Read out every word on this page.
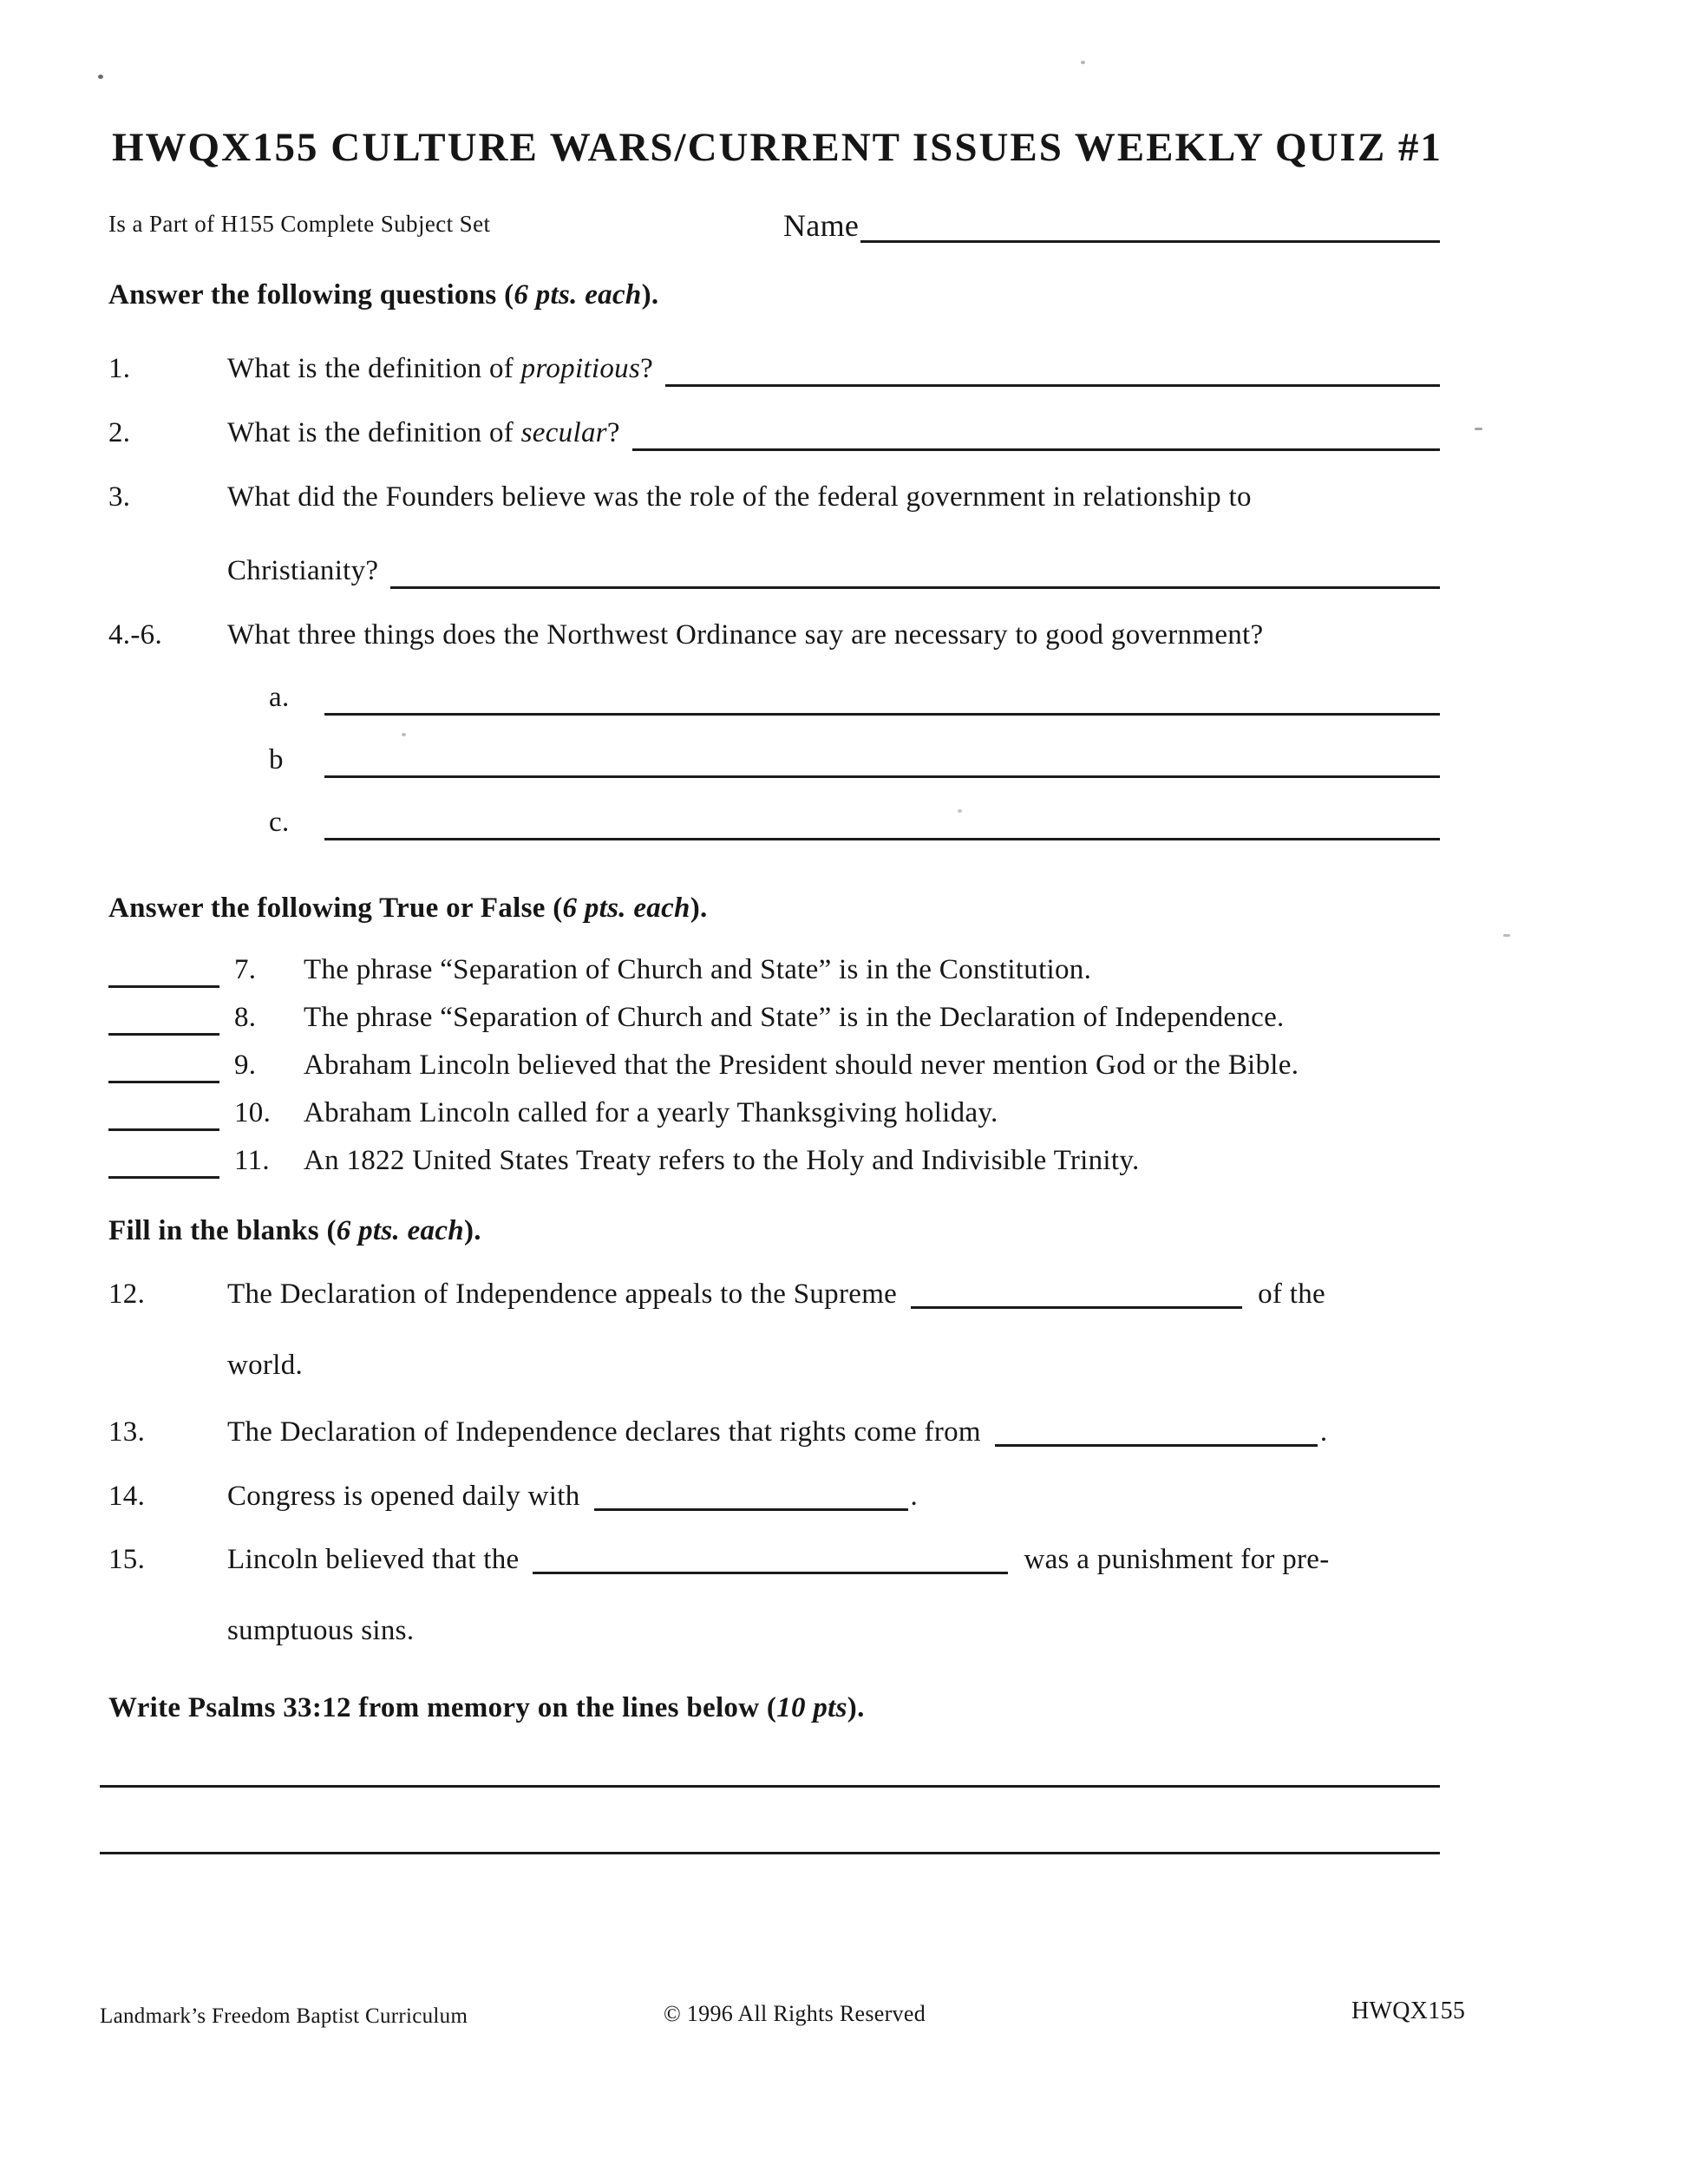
HWQX155 CULTURE WARS/CURRENT ISSUES WEEKLY QUIZ #1
Is a Part of H155 Complete Subject Set	Name

Answer the following questions (6 pts. each).

1.	What is the definition of propitious?
2.	What is the definition of secular?
3.	What did the Founders believe was the role of the federal government in relationship to
Christianity?
4.-6.	What three things does the Northwest Ordinance say are necessary to good government?
a.
b
c.

Answer the following True or False (6 pts. each).

7.	The phrase “Separation of Church and State” is in the Constitution.
8.	The phrase “Separation of Church and State” is in the Declaration of Independence.
9.	Abraham Lincoln believed that the President should never mention God or the Bible.
10.	Abraham Lincoln called for a yearly Thanksgiving holiday.
11.	An 1822 United States Treaty refers to the Holy and Indivisible Trinity.

Fill in the blanks (6 pts. each).

12.	The Declaration of Independence appeals to the Supreme	of the
world.
13.	The Declaration of Independence declares that rights come from	.
14.	Congress is opened daily with	.
15.	Lincoln believed that the	was a punishment for pre-
sumptuous sins.

Write Psalms 33:12 from memory on the lines below (10 pts).

Landmark’s Freedom Baptist Curriculum	© 1996 All Rights Reserved	HWQX155
